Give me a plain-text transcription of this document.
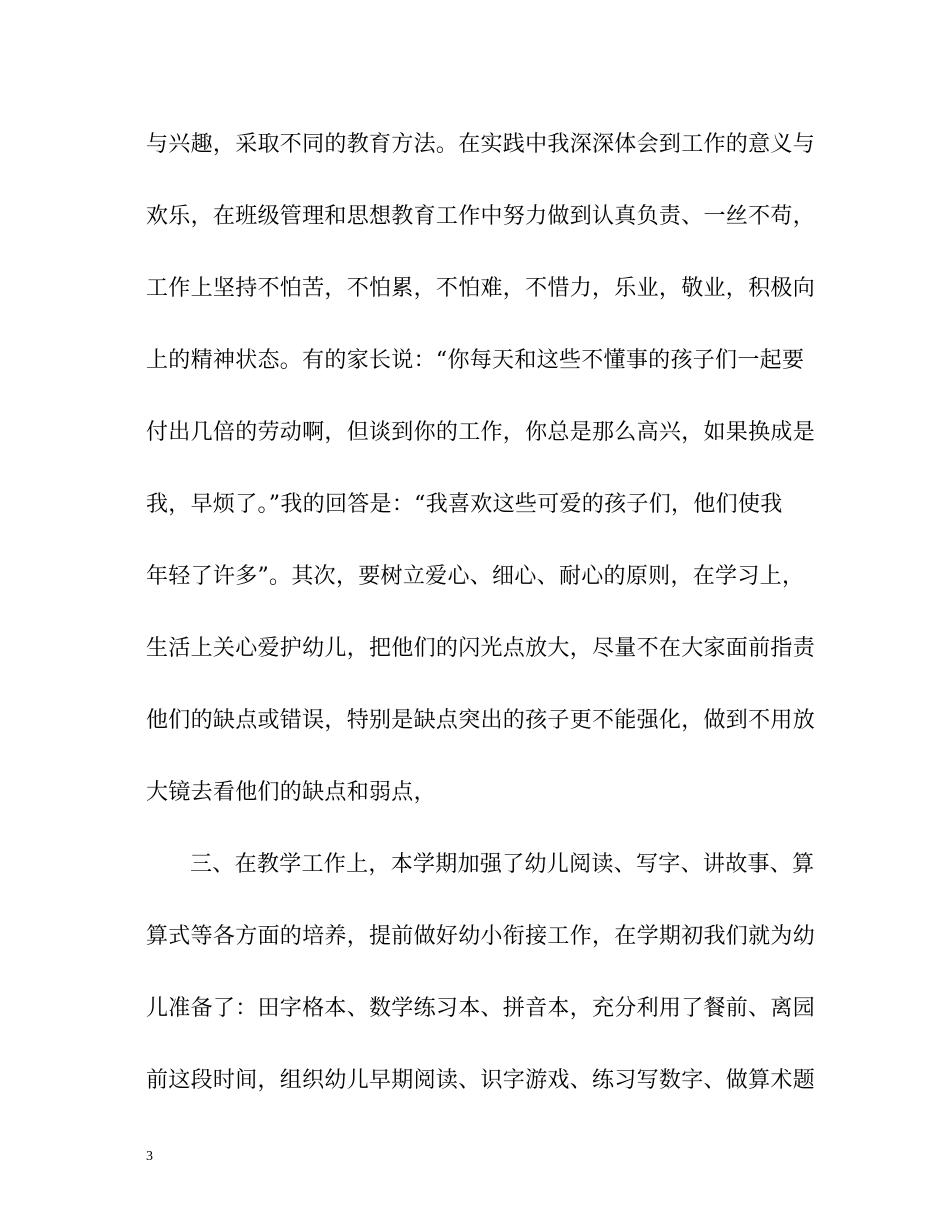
与兴趣，采取不同的教育方法。在实践中我深深体会到工作的意义与
欢乐，在班级管理和思想教育工作中努力做到认真负责、一丝不苟，
工作上坚持不怕苦，不怕累，不怕难，不惜力，乐业，敬业，积极向
上的精神状态。有的家长说：“你每天和这些不懂事的孩子们一起要
付出几倍的劳动啊，但谈到你的工作，你总是那么高兴，如果换成是
我，早烦了。”我的回答是：“我喜欢这些可爱的孩子们，他们使我
年轻了许多”。其次，要树立爱心、细心、耐心的原则，在学习上，
生活上关心爱护幼儿，把他们的闪光点放大，尽量不在大家面前指责
他们的缺点或错误，特别是缺点突出的孩子更不能强化，做到不用放
大镜去看他们的缺点和弱点，
三、在教学工作上，本学期加强了幼儿阅读、写字、讲故事、算
算式等各方面的培养，提前做好幼小衔接工作，在学期初我们就为幼
儿准备了：田字格本、数学练习本、拼音本，充分利用了餐前、离园
前这段时间，组织幼儿早期阅读、识字游戏、练习写数字、做算术题
3
